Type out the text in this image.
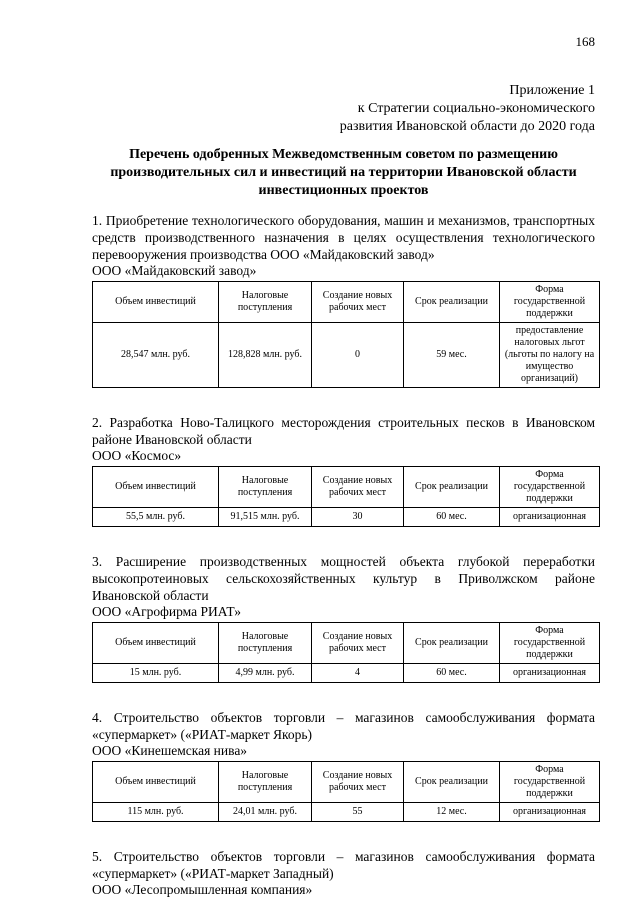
168
Приложение 1
к Стратегии социально-экономического
развития Ивановской области до 2020 года
Перечень одобренных Межведомственным советом по размещению производительных сил и инвестиций на территории Ивановской области инвестиционных проектов
1. Приобретение технологического оборудования, машин и механизмов, транспортных средств производственного назначения в целях осуществления технологического перевооружения производства ООО «Майдаковский завод»
ООО «Майдаковский завод»
Объем инвестиций	Налоговые поступления	Создание новых рабочих мест	Срок реализации	Форма государственной поддержки
28,547 млн. руб.	128,828 млн. руб.	0	59 мес.	предоставление налоговых льгот (льготы по налогу на имущество организаций)
2. Разработка Ново-Талицкого месторождения строительных песков в Ивановском районе Ивановской области
ООО «Космос»
Объем инвестиций	Налоговые поступления	Создание новых рабочих мест	Срок реализации	Форма государственной поддержки
55,5 млн. руб.	91,515 млн. руб.	30	60 мес.	организационная
3. Расширение производственных мощностей объекта глубокой переработки высокопротеиновых сельскохозяйственных культур в Приволжском районе Ивановской области
ООО «Агрофирма РИАТ»
Объем инвестиций	Налоговые поступления	Создание новых рабочих мест	Срок реализации	Форма государственной поддержки
15 млн. руб.	4,99 млн. руб.	4	60 мес.	организационная
4. Строительство объектов торговли – магазинов самообслуживания формата «супермаркет» («РИАТ-маркет Якорь)
ООО «Кинешемская нива»
Объем инвестиций	Налоговые поступления	Создание новых рабочих мест	Срок реализации	Форма государственной поддержки
115 млн. руб.	24,01 млн. руб.	55	12 мес.	организационная
5. Строительство объектов торговли – магазинов самообслуживания формата «супермаркет» («РИАТ-маркет Западный)
ООО «Лесопромышленная компания»
